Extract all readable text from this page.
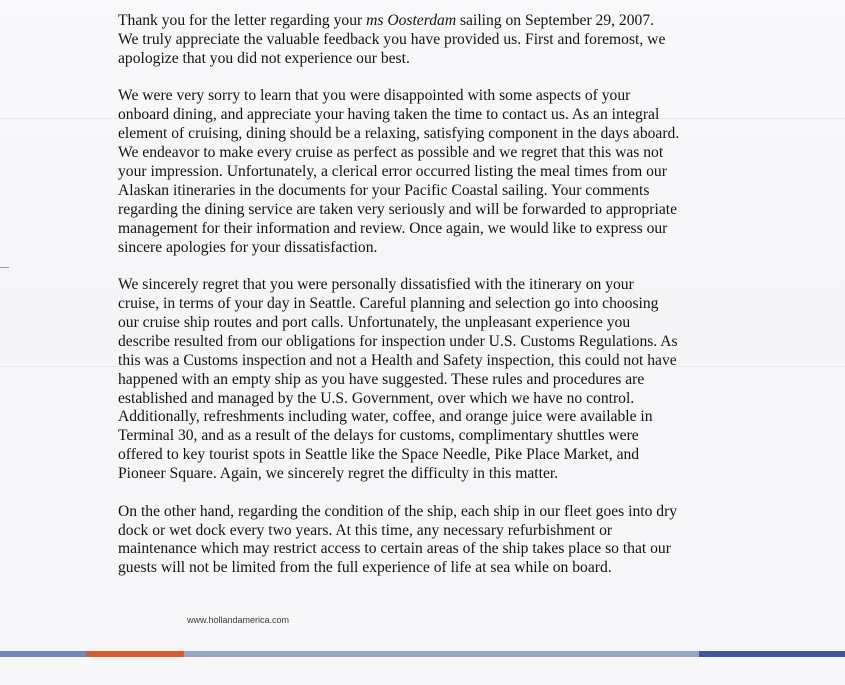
Thank you for the letter regarding your ms Oosterdam sailing on September 29, 2007.
We truly appreciate the valuable feedback you have provided us. First and foremost, we
apologize that you did not experience our best.

We were very sorry to learn that you were disappointed with some aspects of your
onboard dining, and appreciate your having taken the time to contact us. As an integral
element of cruising, dining should be a relaxing, satisfying component in the days aboard.
We endeavor to make every cruise as perfect as possible and we regret that this was not
your impression. Unfortunately, a clerical error occurred listing the meal times from our
Alaskan itineraries in the documents for your Pacific Coastal sailing. Your comments
regarding the dining service are taken very seriously and will be forwarded to appropriate
management for their information and review. Once again, we would like to express our
sincere apologies for your dissatisfaction.

We sincerely regret that you were personally dissatisfied with the itinerary on your
cruise, in terms of your day in Seattle. Careful planning and selection go into choosing
our cruise ship routes and port calls. Unfortunately, the unpleasant experience you
describe resulted from our obligations for inspection under U.S. Customs Regulations. As
this was a Customs inspection and not a Health and Safety inspection, this could not have
happened with an empty ship as you have suggested. These rules and procedures are
established and managed by the U.S. Government, over which we have no control.
Additionally, refreshments including water, coffee, and orange juice were available in
Terminal 30, and as a result of the delays for customs, complimentary shuttles were
offered to key tourist spots in Seattle like the Space Needle, Pike Place Market, and
Pioneer Square. Again, we sincerely regret the difficulty in this matter.

On the other hand, regarding the condition of the ship, each ship in our fleet goes into dry
dock or wet dock every two years. At this time, any necessary refurbishment or
maintenance which may restrict access to certain areas of the ship takes place so that our
guests will not be limited from the full experience of life at sea while on board.

www.hollandamerica.com
